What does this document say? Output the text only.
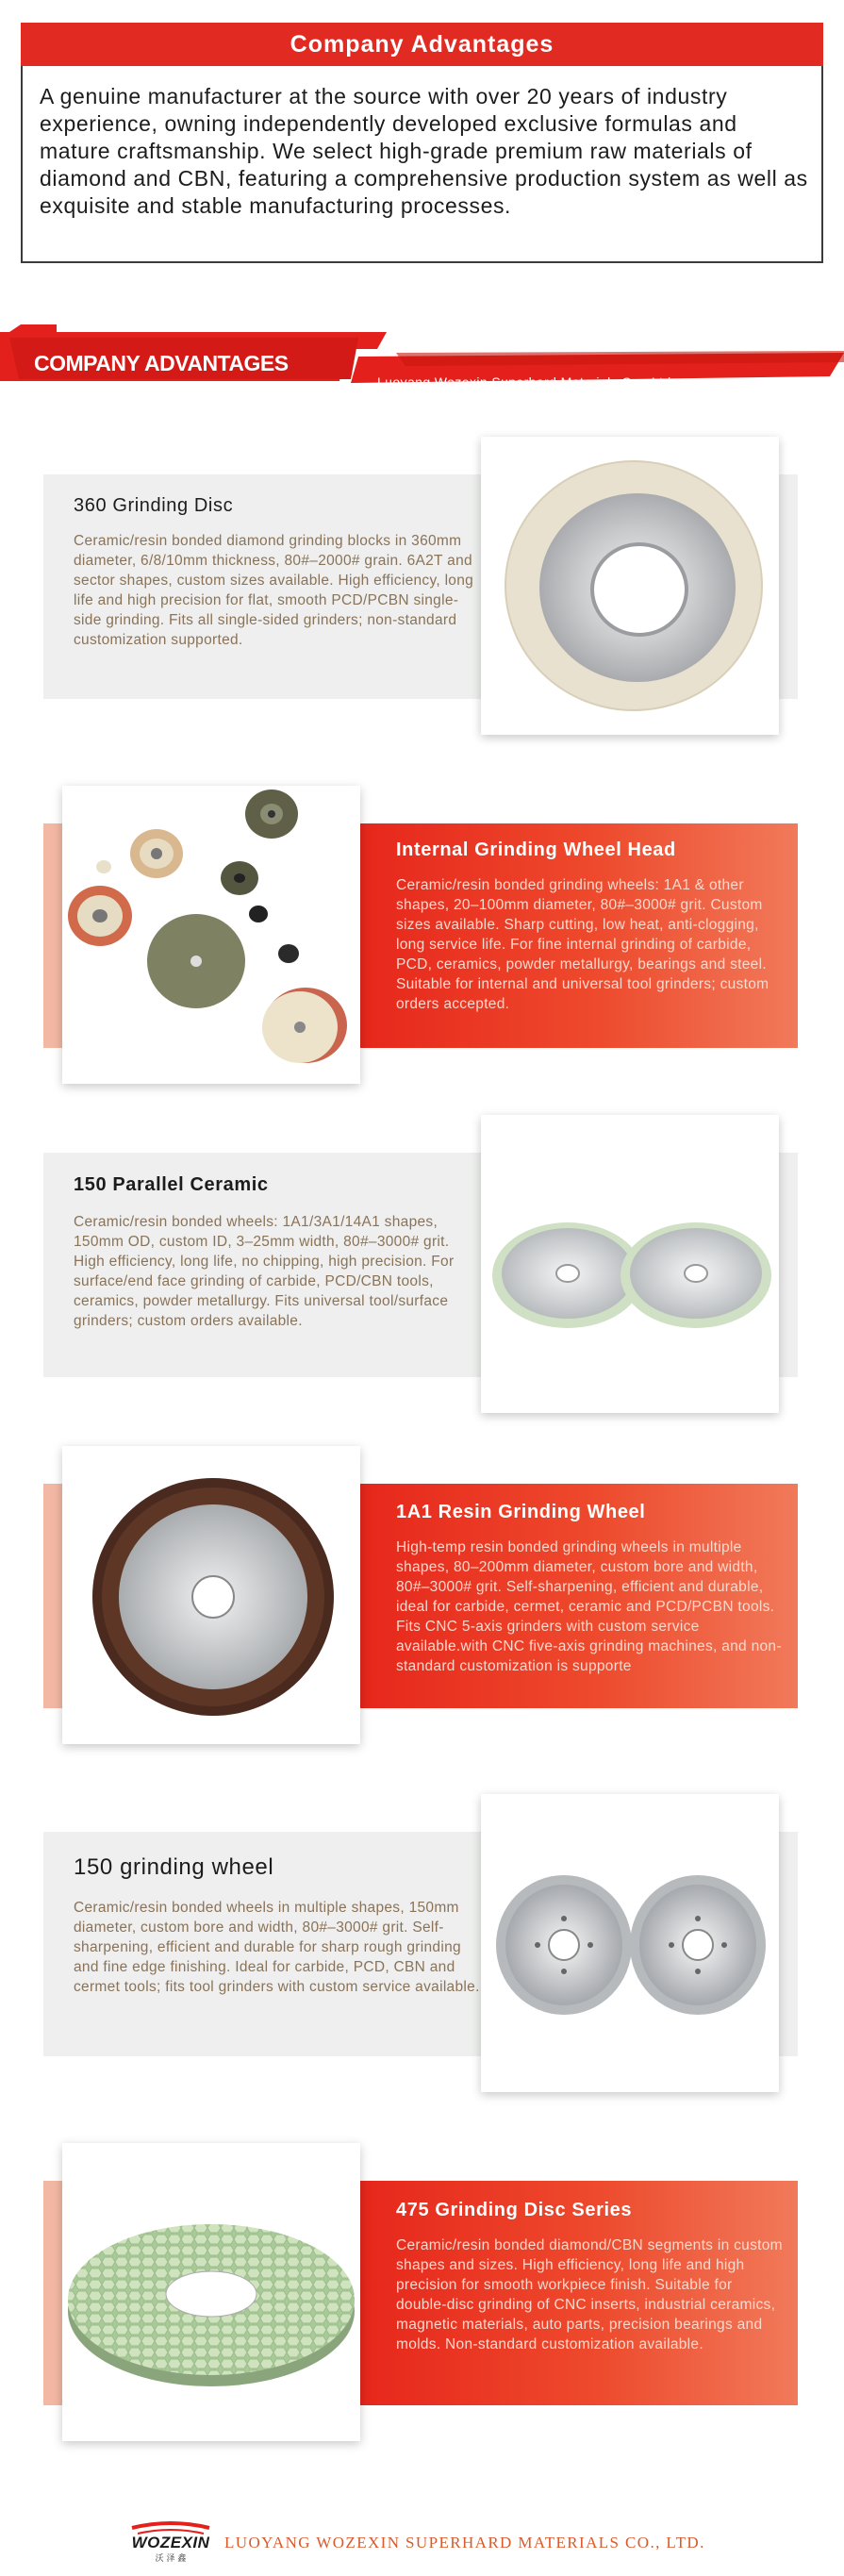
Company Advantages
A genuine manufacturer at the source with over 20 years of industry experience, owning independently developed exclusive formulas and mature craftsmanship. We select high-grade premium raw materials of diamond and CBN, featuring a comprehensive production system as well as exquisite and stable manufacturing processes.
COMPANY ADVANTAGES
Luoyang Wozexin Superhard Materials Co., Ltd.
360 Grinding Disc
Ceramic/resin bonded diamond grinding blocks in 360mm diameter, 6/8/10mm thickness, 80#–2000# grain. 6A2T and sector shapes, custom sizes available. High efficiency, long life and high precision for flat, smooth PCD/PCBN single-side grinding. Fits all single-sided grinders; non-standard customization supported.
Internal Grinding Wheel Head
Ceramic/resin bonded grinding wheels: 1A1 & other shapes, 20–100mm diameter, 80#–3000# grit. Custom sizes available. Sharp cutting, low heat, anti-clogging, long service life. For fine internal grinding of carbide, PCD, ceramics, powder metallurgy, bearings and steel. Suitable for internal and universal tool grinders; custom orders accepted.
150 Parallel Ceramic
Ceramic/resin bonded wheels: 1A1/3A1/14A1 shapes, 150mm OD, custom ID, 3–25mm width, 80#–3000# grit. High efficiency, long life, no chipping, high precision. For surface/end face grinding of carbide, PCD/CBN tools, ceramics, powder metallurgy. Fits universal tool/surface grinders; custom orders available.
1A1 Resin Grinding Wheel
High-temp resin bonded grinding wheels in multiple shapes, 80–200mm diameter, custom bore and width, 80#–3000# grit. Self-sharpening, efficient and durable, ideal for carbide, cermet, ceramic and PCD/PCBN tools. Fits CNC 5-axis grinders with custom service available.with CNC five-axis grinding machines, and non-standard customization is supporte
150 grinding wheel
Ceramic/resin bonded wheels in multiple shapes, 150mm diameter, custom bore and width, 80#–3000# grit. Self-sharpening, efficient and durable for sharp rough grinding and fine edge finishing. Ideal for carbide, PCD, CBN and cermet tools; fits tool grinders with custom service available.
475 Grinding Disc Series
Ceramic/resin bonded diamond/CBN segments in custom shapes and sizes. High efficiency, long life and high precision for smooth workpiece finish. Suitable for double-disc grinding of CNC inserts, industrial ceramics, magnetic materials, auto parts, precision bearings and molds. Non-standard customization available.
WOZEXIN
沃 泽 鑫
LUOYANG WOZEXIN SUPERHARD MATERIALS CO., LTD.
